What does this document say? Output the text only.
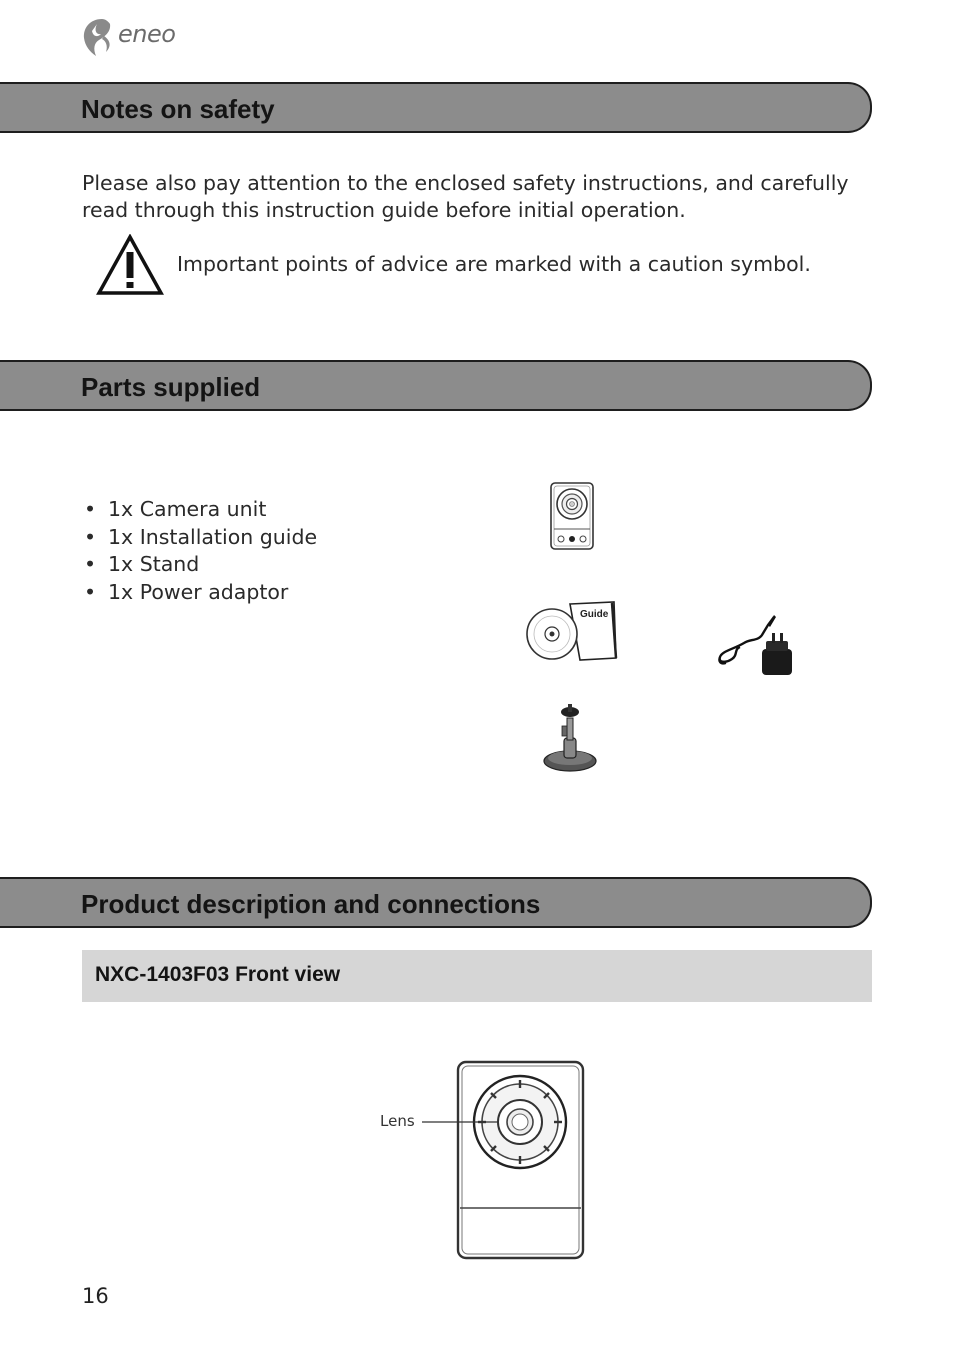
eneo
Notes on safety

Please also pay attention to the enclosed safety instructions, and carefully read through this instruction guide before initial operation.

Important points of advice are marked with a caution symbol.

Parts supplied
• 1x Camera unit
• 1x Installation guide
• 1x Stand
• 1x Power adaptor
Guide
Product description and connections
NXC-1403F03 Front view
Lens
16
